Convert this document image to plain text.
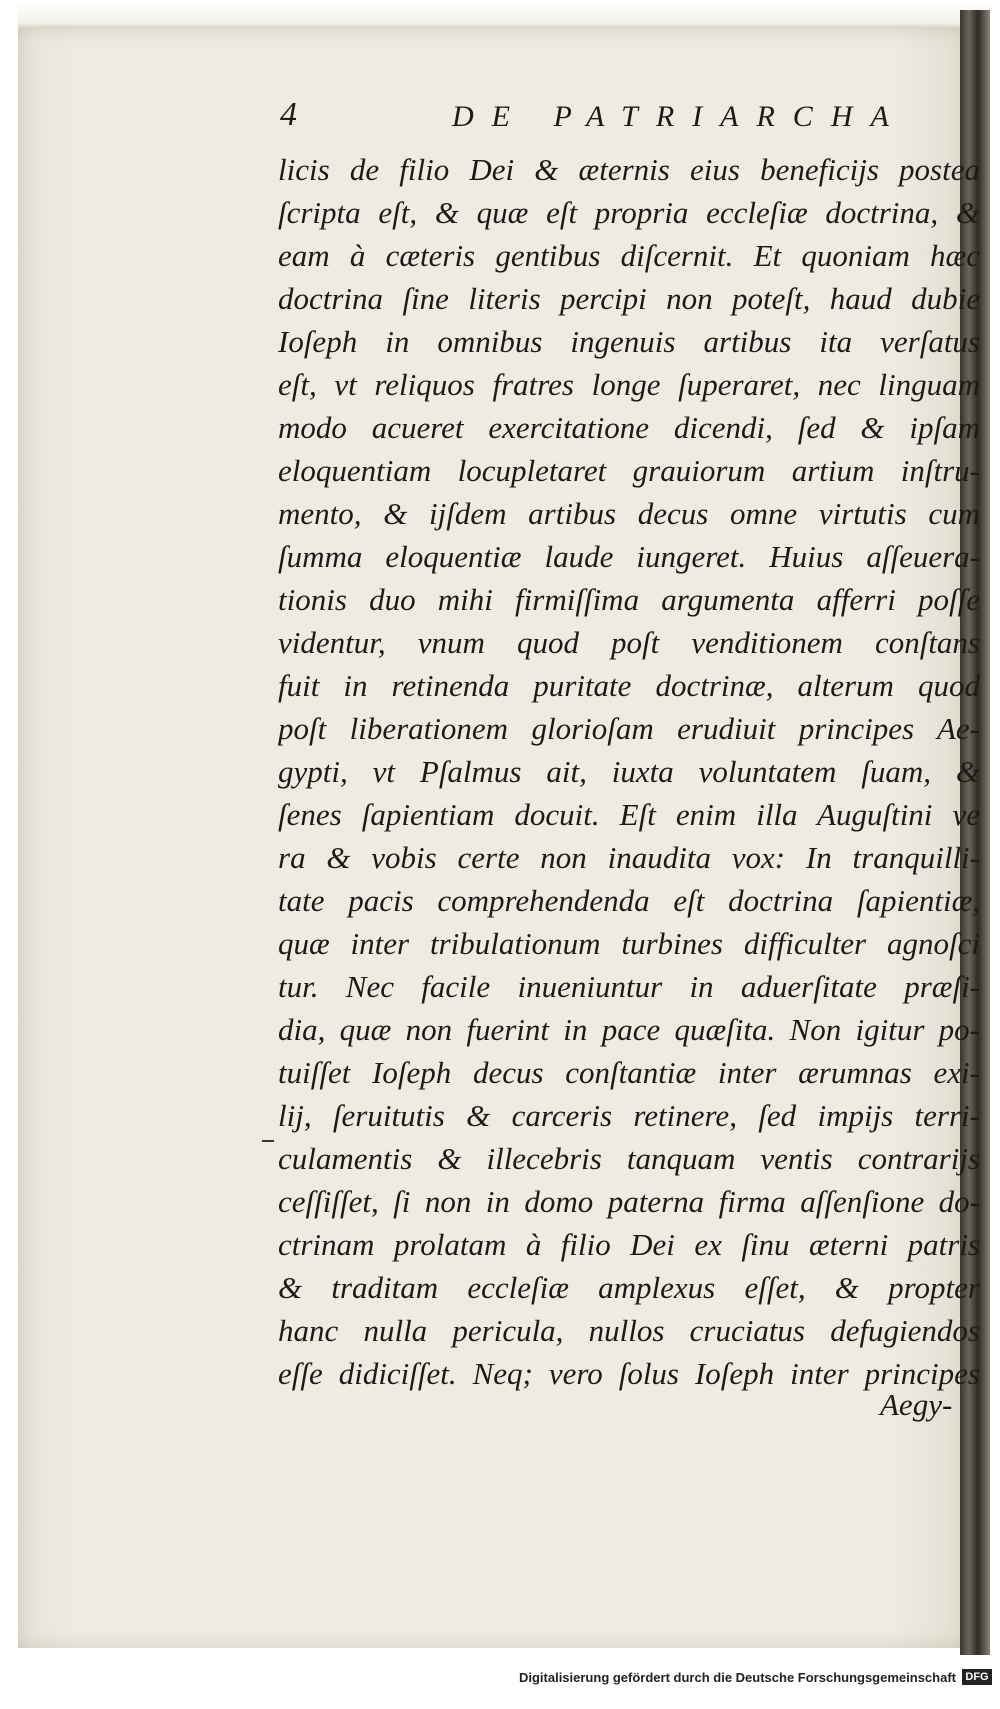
4	DE PATRIARCHA
licis de filio Dei & æternis eius beneficijs postea
ſcripta eſt, & quæ eſt propria eccleſiæ doctrina, &
eam à cæteris gentibus diſcernit. Et quoniam hæc
doctrina ſine literis percipi non poteſt, haud dubie
Ioſeph in omnibus ingenuis artibus ita verſatus
eſt, vt reliquos fratres longe ſuperaret, nec linguam
modo acueret exercitatione dicendi, ſed & ipſam
eloquentiam locupletaret grauiorum artium inſtru-
mento, & ijſdem artibus decus omne virtutis cum
ſumma eloquentiæ laude iungeret. Huius aſſeuera-
tionis duo mihi firmiſſima argumenta afferri poſſe
videntur, vnum quod poſt venditionem conſtans
fuit in retinenda puritate doctrinæ, alterum quod
poſt liberationem glorioſam erudiuit principes Ae-
gypti, vt Pſalmus ait, iuxta voluntatem ſuam, &
ſenes ſapientiam docuit. Eſt enim illa Auguſtini ve
ra & vobis certe non inaudita vox: In tranquilli-
tate pacis comprehendenda eſt doctrina ſapientiæ,
quæ inter tribulationum turbines difficulter agnoſci
tur. Nec facile inueniuntur in aduerſitate præſi-
dia, quæ non fuerint in pace quæſita. Non igitur po-
tuiſſet Ioſeph decus conſtantiæ inter ærumnas exi-
lij, ſeruitutis & carceris retinere, ſed impijs terri-
culamentis & illecebris tanquam ventis contrarijs
ceſſiſſet, ſi non in domo paterna firma aſſenſione do-
ctrinam prolatam à filio Dei ex ſinu æterni patris
& traditam eccleſiæ amplexus eſſet, & propter
hanc nulla pericula, nullos cruciatus defugiendos
eſſe didiciſſet. Neq; vero ſolus Ioſeph inter principes
Aegy-
Digitalisierung gefördert durch die Deutsche Forschungsgemeinschaft DFG
